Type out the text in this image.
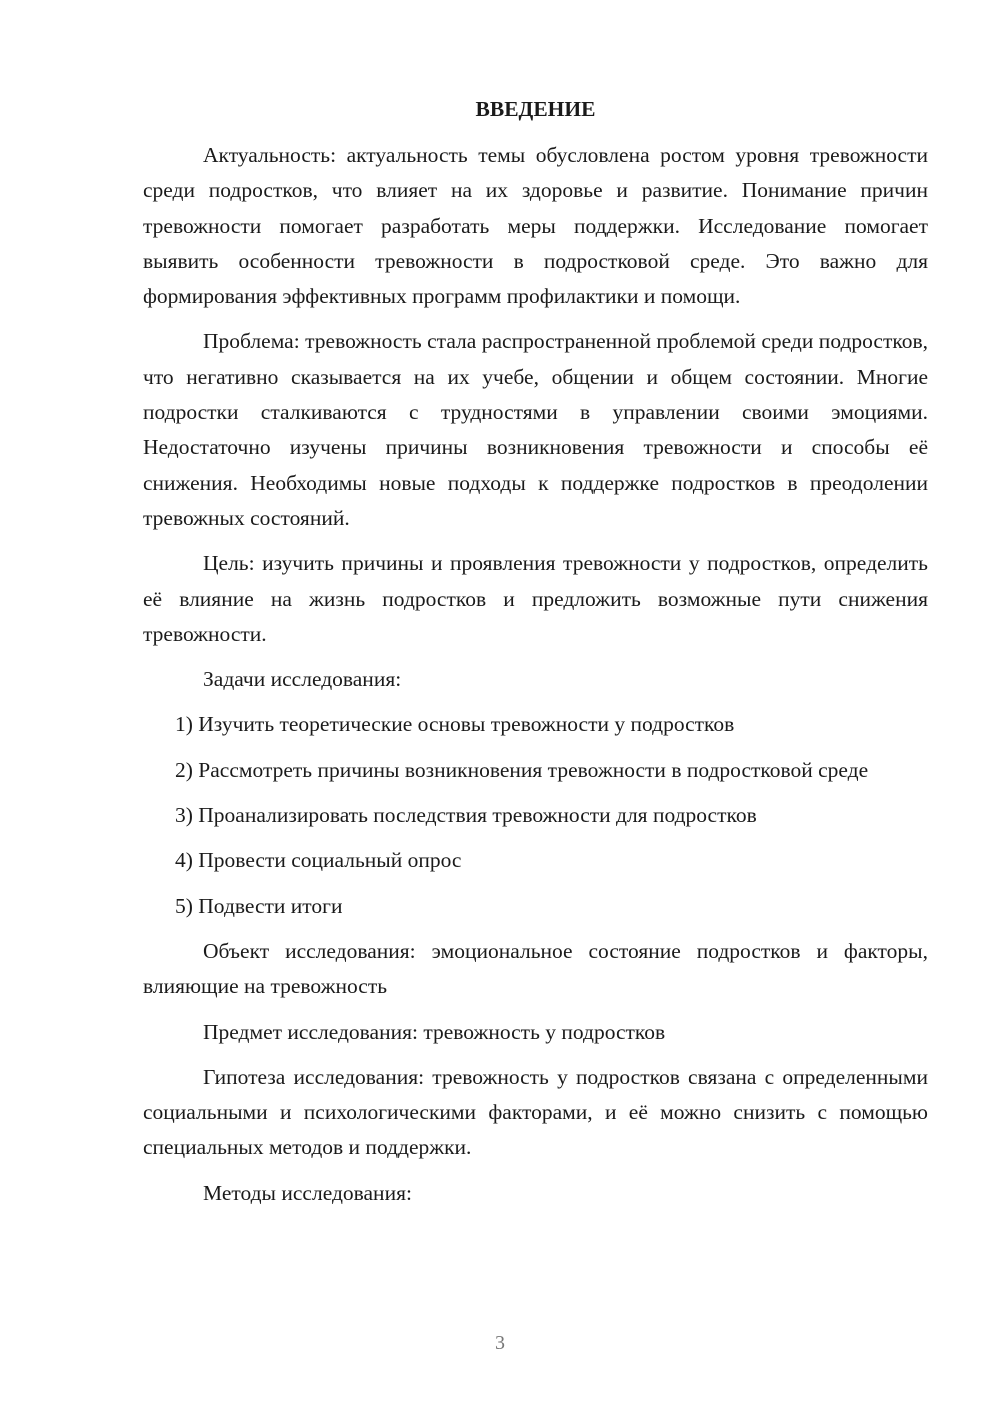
ВВЕДЕНИЕ

Актуальность: актуальность темы обусловлена ростом уровня тревожности среди подростков, что влияет на их здоровье и развитие. Понимание причин тревожности помогает разработать меры поддержки. Исследование помогает выявить особенности тревожности в подростковой среде. Это важно для формирования эффективных программ профилактики и помощи.

Проблема: тревожность стала распространенной проблемой среди подростков, что негативно сказывается на их учебе, общении и общем состоянии. Многие подростки сталкиваются с трудностями в управлении своими эмоциями. Недостаточно изучены причины возникновения тревожности и способы её снижения. Необходимы новые подходы к поддержке подростков в преодолении тревожных состояний.

Цель: изучить причины и проявления тревожности у подростков, определить её влияние на жизнь подростков и предложить возможные пути снижения тревожности.

Задачи исследования:

1) Изучить теоретические основы тревожности у подростков

2) Рассмотреть причины возникновения тревожности в подростковой среде

3) Проанализировать последствия тревожности для подростков

4) Провести социальный опрос

5) Подвести итоги

Объект исследования: эмоциональное состояние подростков и факторы, влияющие на тревожность

Предмет исследования: тревожность у подростков

Гипотеза исследования: тревожность у подростков связана с определенными социальными и психологическими факторами, и её можно снизить с помощью специальных методов и поддержки.

Методы исследования:

3
